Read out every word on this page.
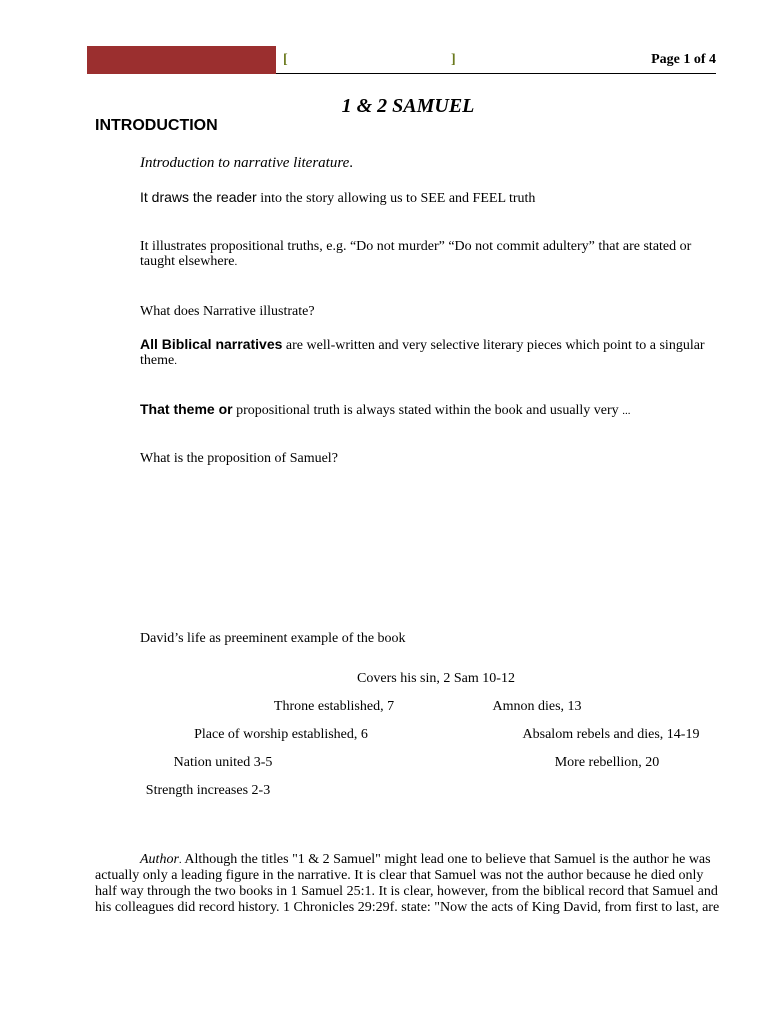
[	]	Page 1 of 4
1 & 2 SAMUEL
INTRODUCTION
Introduction to narrative literature.
It draws the reader into the story allowing us to SEE and FEEL truth
It illustrates propositional truths, e.g. “Do not murder” “Do not commit adultery” that are stated or taught elsewhere.
What does Narrative illustrate?
All Biblical narratives are well-written and very selective literary pieces which point to a singular theme.
That theme or propositional truth is always stated within the book and usually very ...
What is the proposition of Samuel?
David’s life as preeminent example of the book
Covers his sin, 2 Sam 10-12
Throne established, 7	Amnon dies, 13
Place of worship established, 6	Absalom rebels and dies, 14-19
Nation united 3-5	More rebellion, 20
Strength increases 2-3
Author. Although the titles "1 & 2 Samuel" might lead one to believe that Samuel is the author he was actually only a leading figure in the narrative. It is clear that Samuel was not the author because he died only half way through the two books in 1 Samuel 25:1. It is clear, however, from the biblical record that Samuel and his colleagues did record history. 1 Chronicles 29:29f. state: "Now the acts of King David, from first to last, are
